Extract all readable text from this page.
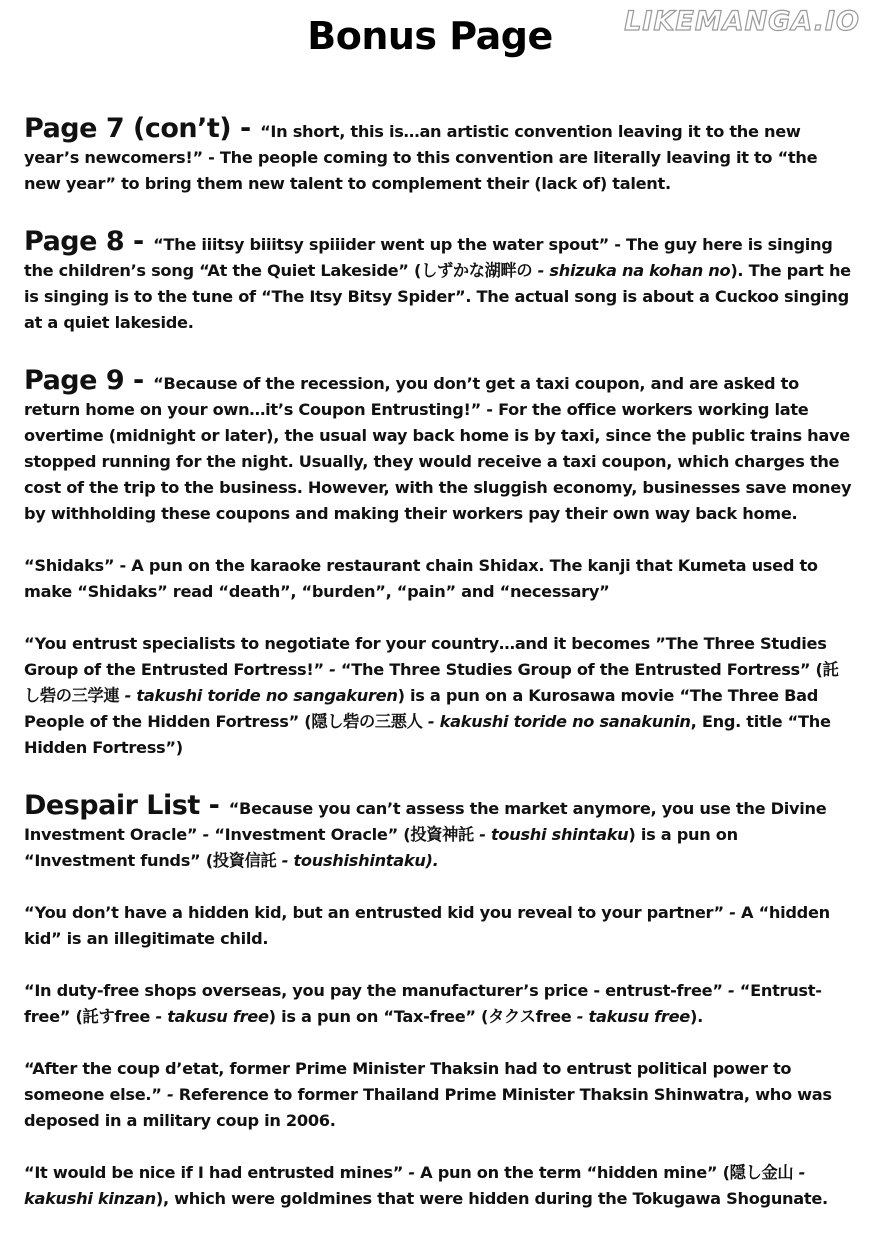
LIKEMANGA.IO
Bonus Page

Page 7 (con’t) - “In short, this is…an artistic convention leaving it to the new year’s newcomers!” - The people coming to this convention are literally leaving it to “the new year” to bring them new talent to complement their (lack of) talent.

Page 8 - “The iiitsy biiitsy spiiider went up the water spout” - The guy here is singing the children’s song “At the Quiet Lakeside” (しずかな湖畔の - shizuka na kohan no). The part he is singing is to the tune of “The Itsy Bitsy Spider”. The actual song is about a Cuckoo singing at a quiet lakeside.

Page 9 - “Because of the recession, you don’t get a taxi coupon, and are asked to return home on your own…it’s Coupon Entrusting!” - For the office workers working late overtime (midnight or later), the usual way back home is by taxi, since the public trains have stopped running for the night. Usually, they would receive a taxi coupon, which charges the cost of the trip to the business. However, with the sluggish economy, businesses save money by withholding these coupons and making their workers pay their own way back home.

“Shidaks” - A pun on the karaoke restaurant chain Shidax. The kanji that Kumeta used to make “Shidaks” read “death”, “burden”, “pain” and “necessary”

“You entrust specialists to negotiate for your country…and it becomes ”The Three Studies Group of the Entrusted Fortress!” - “The Three Studies Group of the Entrusted Fortress” (託し砦の三学連 - takushi toride no sangakuren) is a pun on a Kurosawa movie “The Three Bad People of the Hidden Fortress” (隠し砦の三悪人 - kakushi toride no sanakunin, Eng. title “The Hidden Fortress”)

Despair List - “Because you can’t assess the market anymore, you use the Divine Investment Oracle” - “Investment Oracle” (投資神託 - toushi shintaku) is a pun on “Investment funds” (投資信託 - toushishintaku).

“You don’t have a hidden kid, but an entrusted kid you reveal to your partner” - A “hidden kid” is an illegitimate child.

“In duty-free shops overseas, you pay the manufacturer’s price - entrust-free” - “Entrust-free” (託すfree - takusu free) is a pun on “Tax-free” (タクスfree - takusu free).

“After the coup d’etat, former Prime Minister Thaksin had to entrust political power to someone else.” - Reference to former Thailand Prime Minister Thaksin Shinwatra, who was deposed in a military coup in 2006.

“It would be nice if I had entrusted mines” - A pun on the term “hidden mine” (隠し金山 - kakushi kinzan), which were goldmines that were hidden during the Tokugawa Shogunate.
